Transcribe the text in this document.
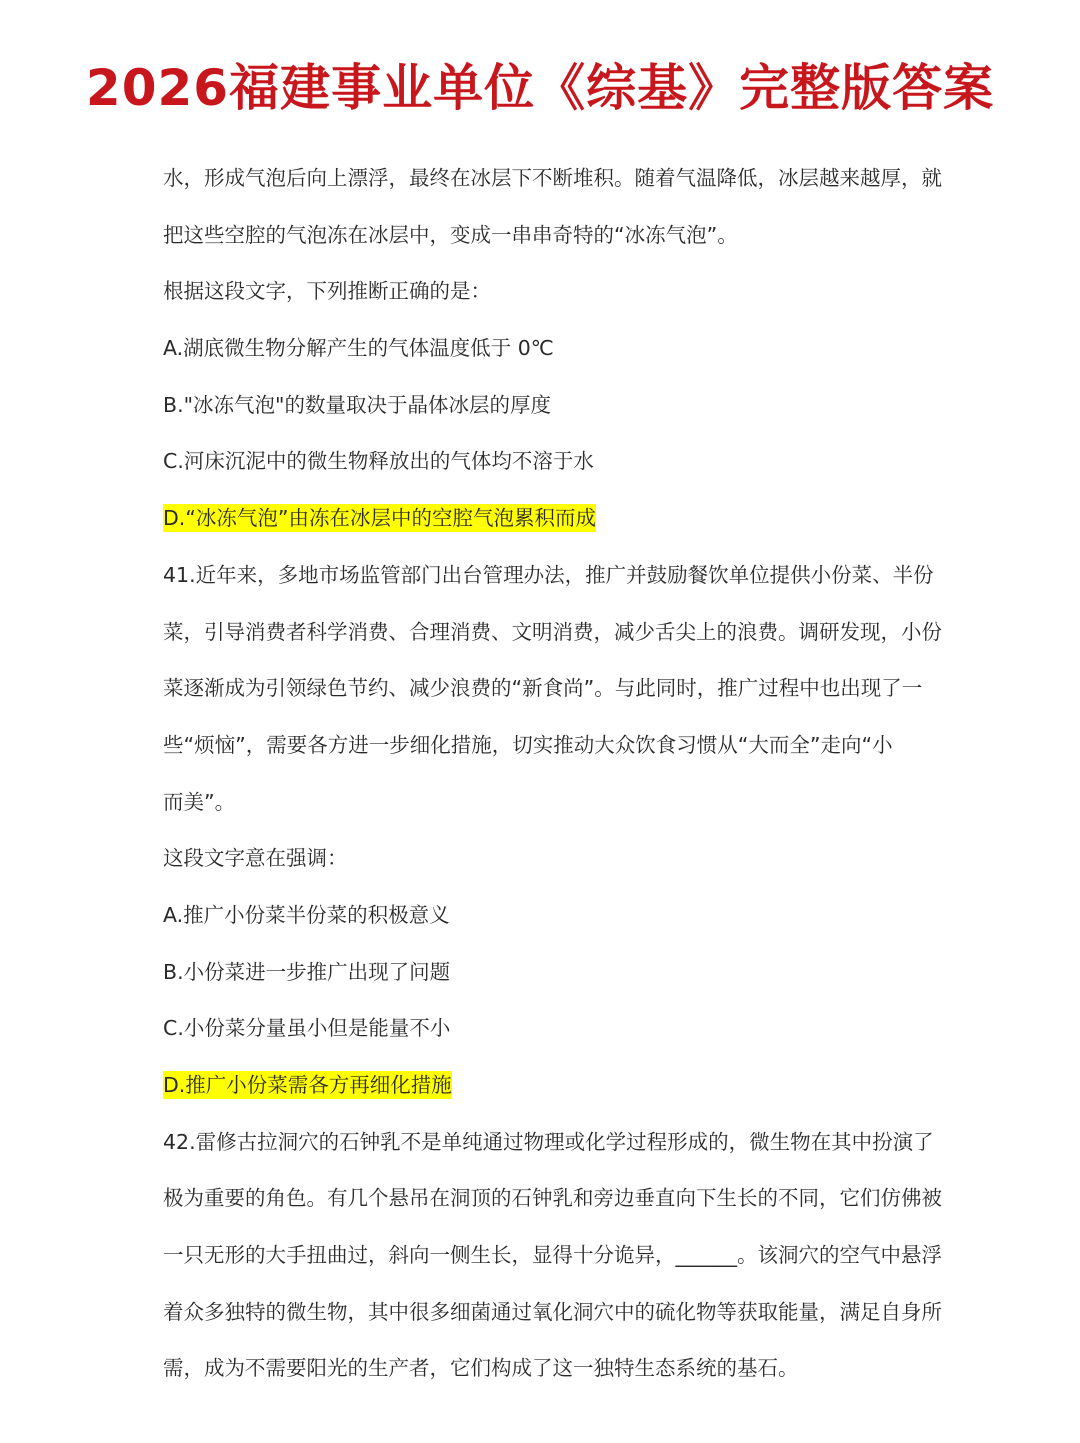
2026福建事业单位《综基》完整版答案
水，形成气泡后向上漂浮，最终在冰层下不断堆积。随着气温降低，冰层越来越厚，就
把这些空腔的气泡冻在冰层中，变成一串串奇特的“冰冻气泡”。
根据这段文字，下列推断正确的是：
A.湖底微生物分解产生的气体温度低于 0℃
B."冰冻气泡"的数量取决于晶体冰层的厚度
C.河床沉泥中的微生物释放出的气体均不溶于水
D.“冰冻气泡”由冻在冰层中的空腔气泡累积而成
41.近年来，多地市场监管部门出台管理办法，推广并鼓励餐饮单位提供小份菜、半份
菜，引导消费者科学消费、合理消费、文明消费，减少舌尖上的浪费。调研发现，小份
菜逐渐成为引领绿色节约、减少浪费的“新食尚”。与此同时，推广过程中也出现了一
些“烦恼”，需要各方进一步细化措施，切实推动大众饮食习惯从“大而全”走向“小
而美”。
这段文字意在强调：
A.推广小份菜半份菜的积极意义
B.小份菜进一步推广出现了问题
C.小份菜分量虽小但是能量不小
D.推广小份菜需各方再细化措施
42.雷修古拉洞穴的石钟乳不是单纯通过物理或化学过程形成的，微生物在其中扮演了
极为重要的角色。有几个悬吊在洞顶的石钟乳和旁边垂直向下生长的不同，它们仿佛被
一只无形的大手扭曲过，斜向一侧生长，显得十分诡异，______。该洞穴的空气中悬浮
着众多独特的微生物，其中很多细菌通过氧化洞穴中的硫化物等获取能量，满足自身所
需，成为不需要阳光的生产者，它们构成了这一独特生态系统的基石。
